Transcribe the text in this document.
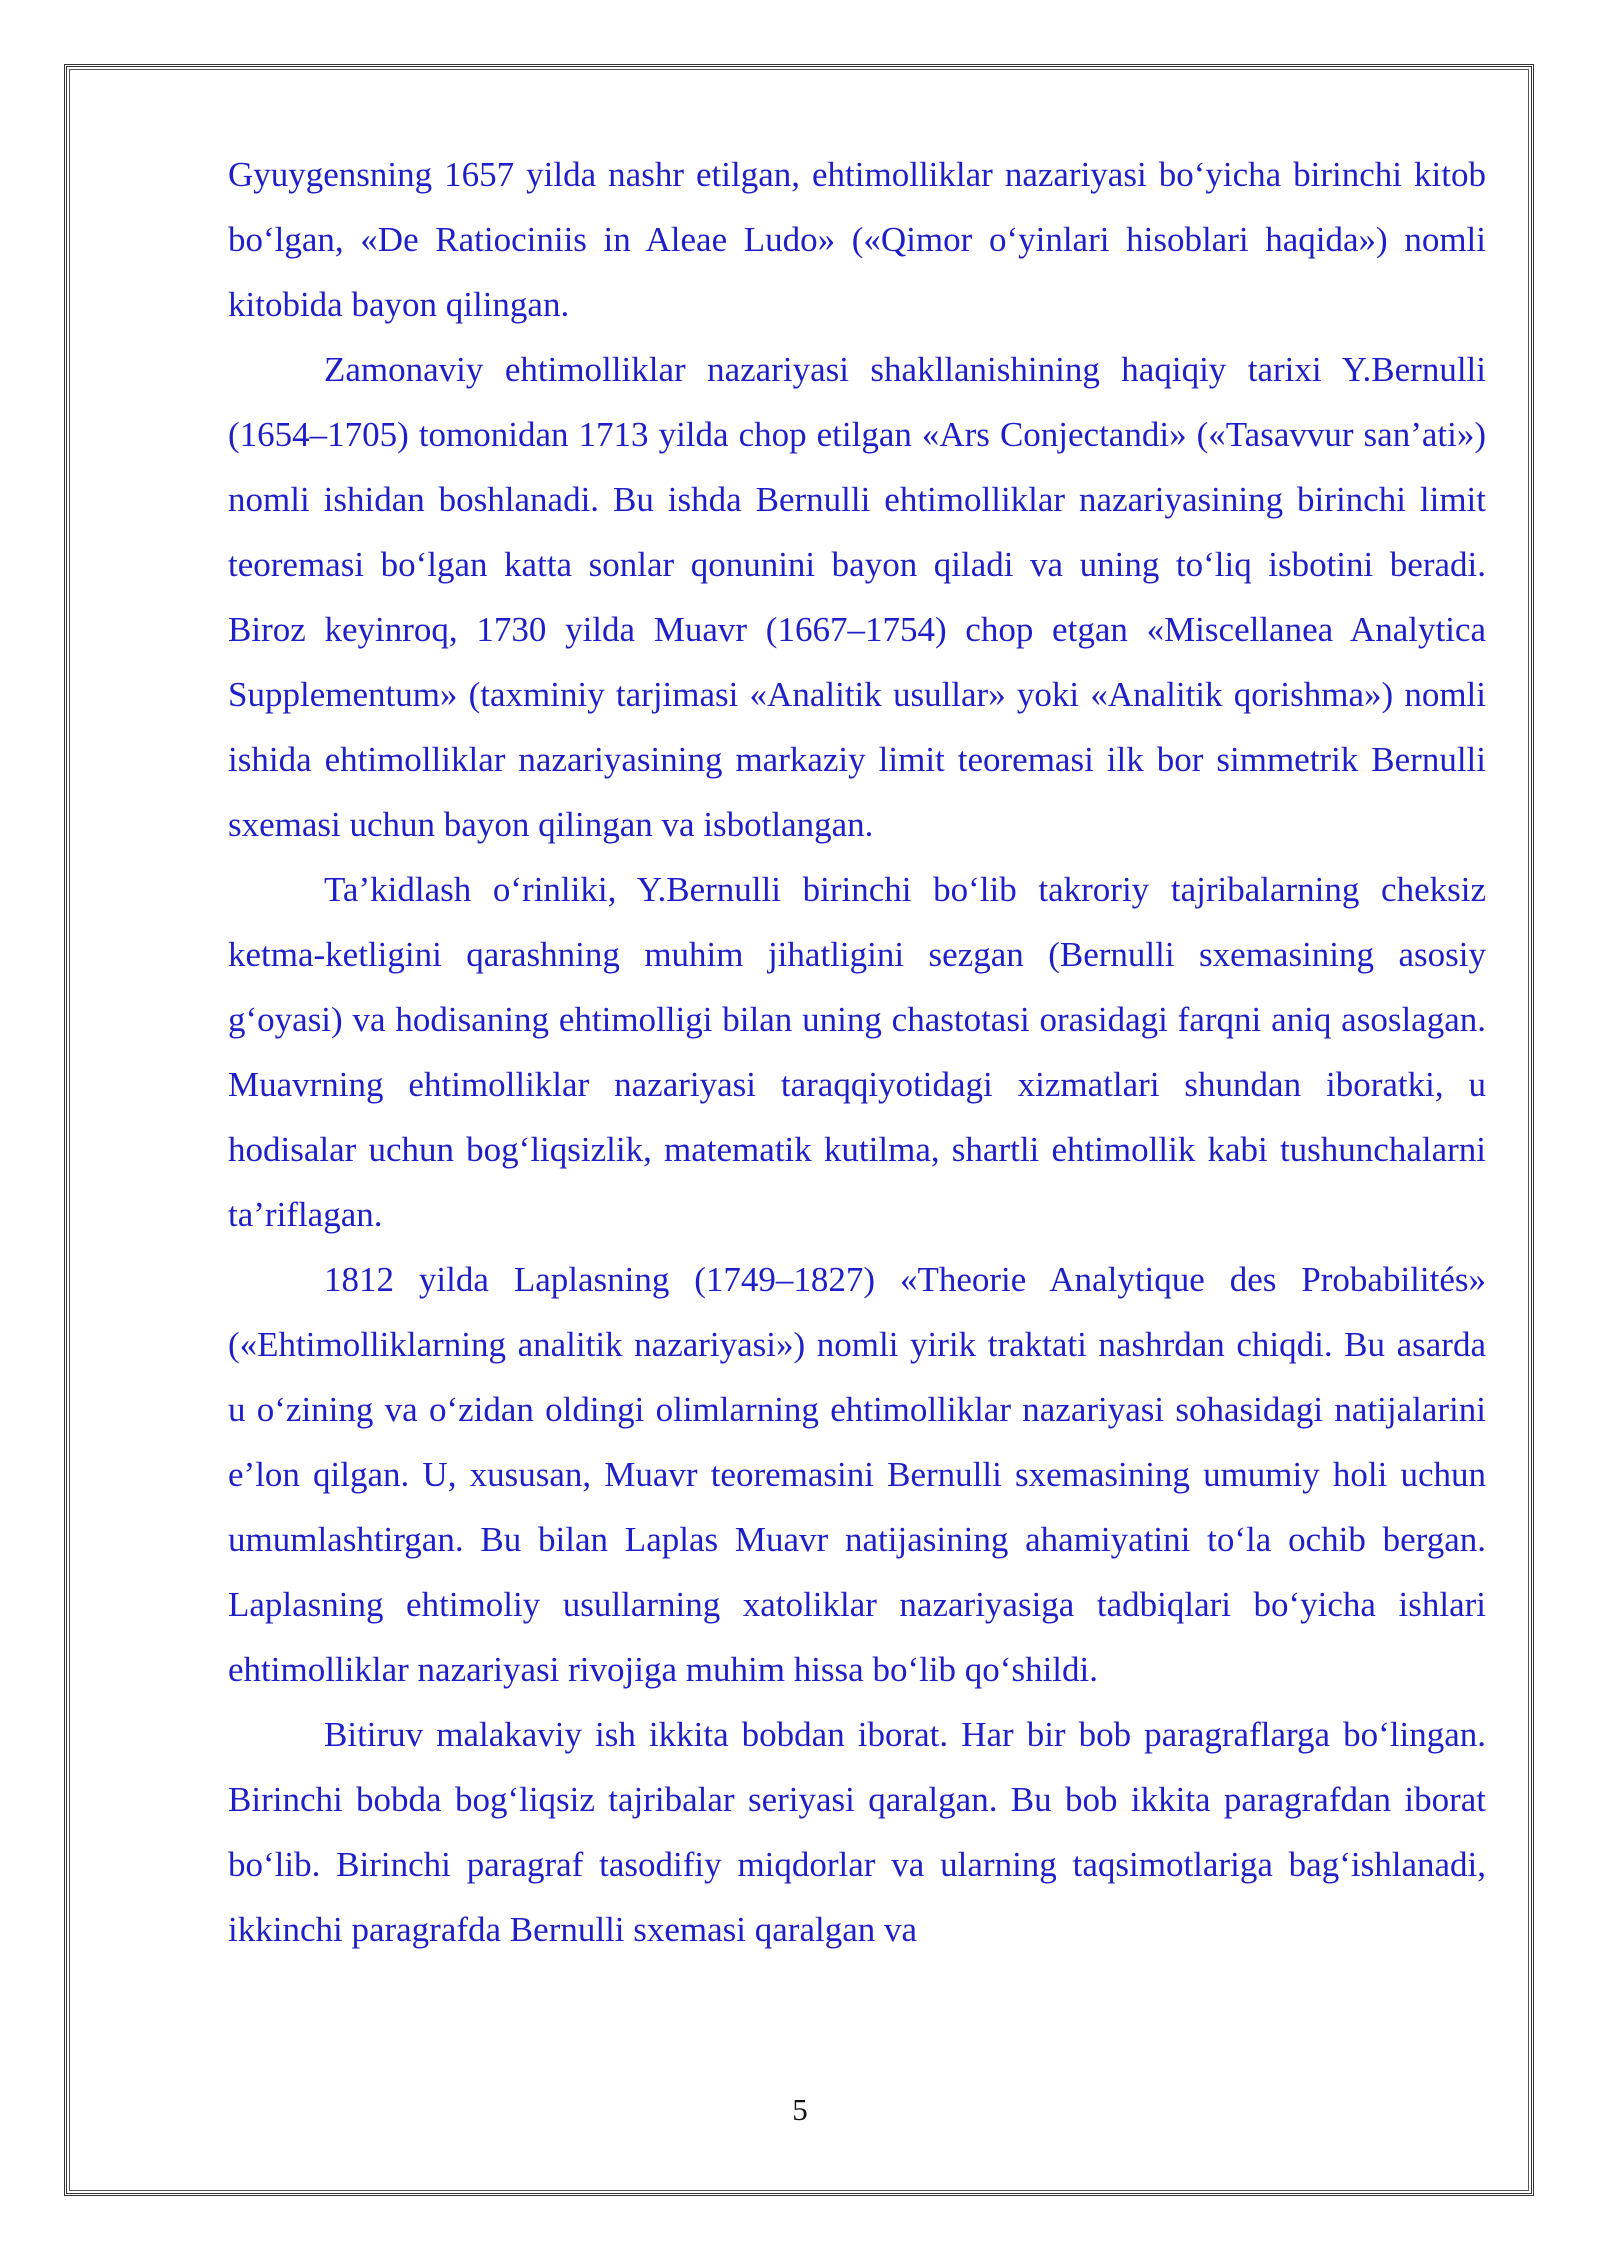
Gyuygensning 1657 yilda nashr etilgan, ehtimolliklar nazariyasi bo‘yicha birinchi kitob bo‘lgan, «De Ratiociniis in Aleae Ludo» («Qimor o‘yinlari hisoblari haqida») nomli kitobida bayon qilingan.

Zamonaviy ehtimolliklar nazariyasi shakllanishining haqiqiy tarixi Y.Bernulli (1654–1705) tomonidan 1713 yilda chop etilgan «Ars Conjectandi» («Tasavvur san’ati») nomli ishidan boshlanadi. Bu ishda Bernulli ehtimolliklar nazariyasining birinchi limit teoremasi bo‘lgan katta sonlar qonunini bayon qiladi va uning to‘liq isbotini beradi. Biroz keyinroq, 1730 yilda Muavr (1667–1754) chop etgan «Miscellanea Analytica Supplementum» (taxminiy tarjimasi «Analitik usullar» yoki «Analitik qorishma») nomli ishida ehtimolliklar nazariyasining markaziy limit teoremasi ilk bor simmetrik Bernulli sxemasi uchun bayon qilingan va isbotlangan.

Ta’kidlash o‘rinliki, Y.Bernulli birinchi bo‘lib takroriy tajribalarning cheksiz ketma-ketligini qarashning muhim jihatligini sezgan (Bernulli sxemasining asosiy g‘oyasi) va hodisaning ehtimolligi bilan uning chastotasi orasidagi farqni aniq asoslagan. Muavrning ehtimolliklar nazariyasi taraqqiyotidagi xizmatlari shundan iboratki, u hodisalar uchun bog‘liqsizlik, matematik kutilma, shartli ehtimollik kabi tushunchalarni ta’riflagan.

1812 yilda Laplasning (1749–1827) «Theorie Analytique des Probabilités» («Ehtimolliklarning analitik nazariyasi») nomli yirik traktati nashrdan chiqdi. Bu asarda u o‘zining va o‘zidan oldingi olimlarning ehtimolliklar nazariyasi sohasidagi natijalarini e’lon qilgan. U, xususan, Muavr teoremasini Bernulli sxemasining umumiy holi uchun umumlashtirgan. Bu bilan Laplas Muavr natijasining ahamiyatini to‘la ochib bergan. Laplasning ehtimoliy usullarning xatoliklar nazariyasiga tadbiqlari bo‘yicha ishlari ehtimolliklar nazariyasi rivojiga muhim hissa bo‘lib qo‘shildi.

Bitiruv malakaviy ish ikkita bobdan iborat. Har bir bob paragraflarga bo‘lingan. Birinchi bobda bog‘liqsiz tajribalar seriyasi qaralgan. Bu bob ikkita paragrafdan iborat bo‘lib. Birinchi paragraf tasodifiy miqdorlar va ularning taqsimotlariga bag‘ishlanadi, ikkinchi paragrafda Bernulli sxemasi qaralgan va

5
